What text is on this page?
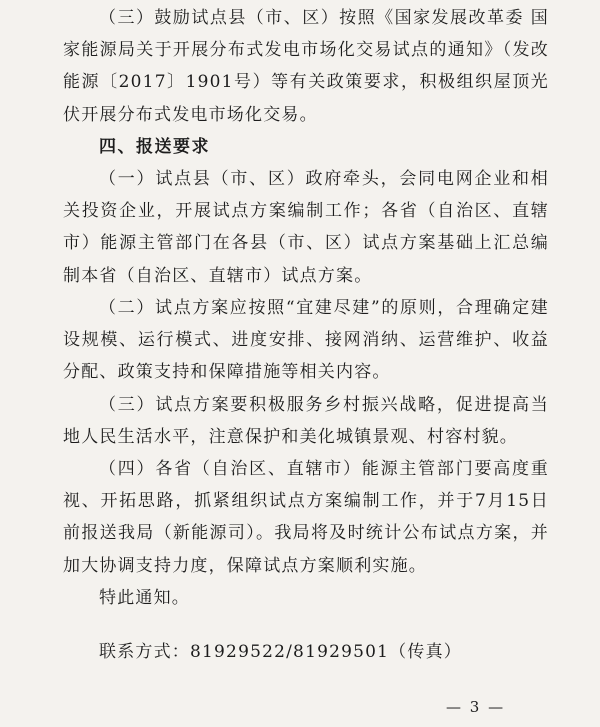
（三）鼓励试点县（市、区）按照《国家发展改革委 国家能源局关于开展分布式发电市场化交易试点的通知》（发改能源〔2017〕1901号）等有关政策要求，积极组织屋顶光伏开展分布式发电市场化交易。

四、报送要求

（一）试点县（市、区）政府牵头，会同电网企业和相关投资企业，开展试点方案编制工作；各省（自治区、直辖市）能源主管部门在各县（市、区）试点方案基础上汇总编制本省（自治区、直辖市）试点方案。

（二）试点方案应按照“宜建尽建”的原则，合理确定建设规模、运行模式、进度安排、接网消纳、运营维护、收益分配、政策支持和保障措施等相关内容。

（三）试点方案要积极服务乡村振兴战略，促进提高当地人民生活水平，注意保护和美化城镇景观、村容村貌。

（四）各省（自治区、直辖市）能源主管部门要高度重视、开拓思路，抓紧组织试点方案编制工作，并于7月15日前报送我局（新能源司）。我局将及时统计公布试点方案，并加大协调支持力度，保障试点方案顺利实施。

特此通知。
联系方式：81929522/81929501（传真）
— 3 —
